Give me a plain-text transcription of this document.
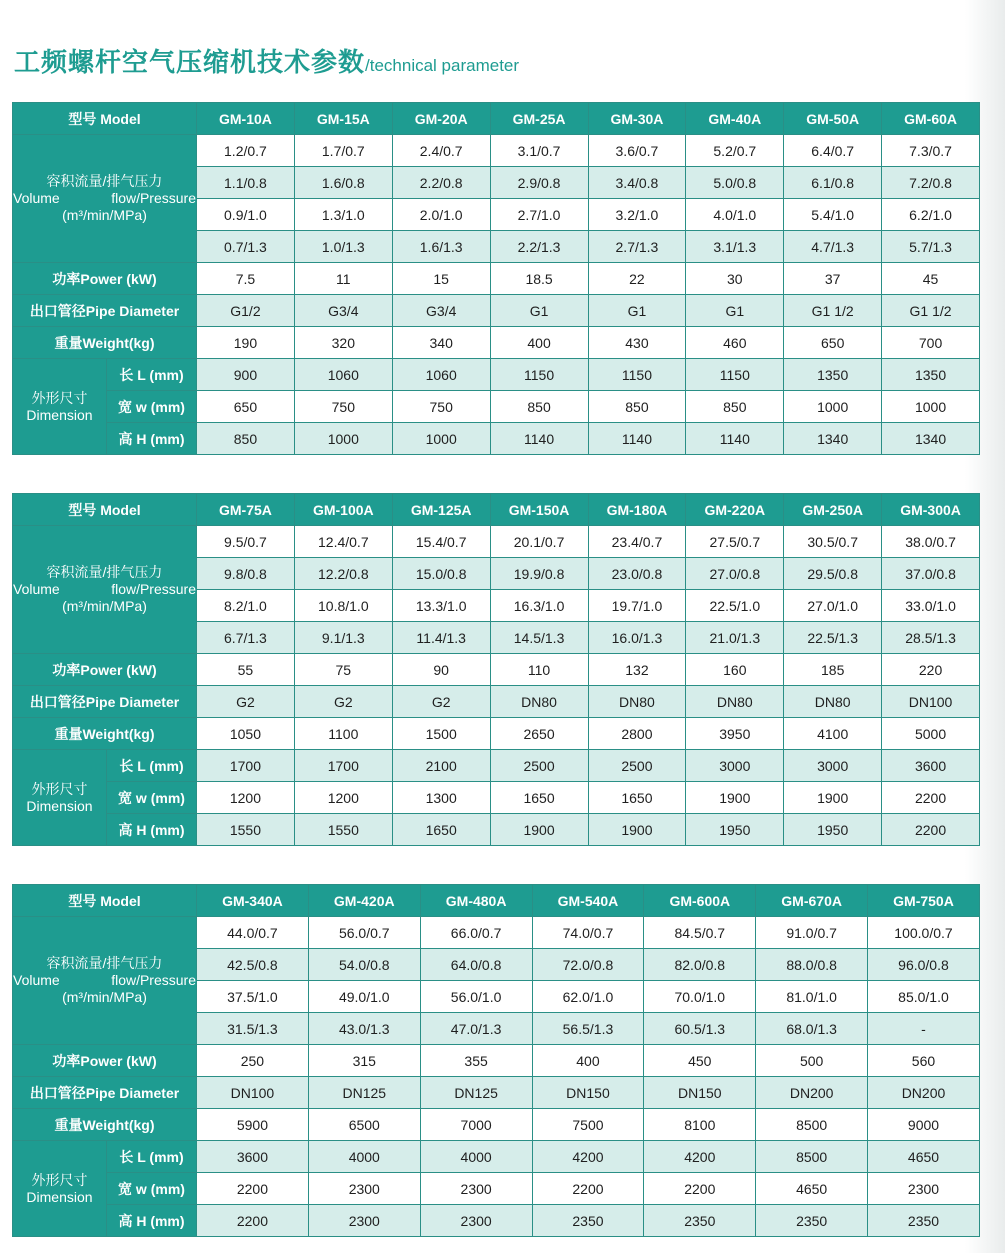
工频螺杆空气压缩机技术参数/technical parameter
型号 Model		GM-10A	GM-15A	GM-20A	GM-25A	GM-30A	GM-40A	GM-50A	GM-60A

容积流量/排气压力
Volume flow/Pressure
(m³/min/MPa)		1.2/0.7	1.7/0.7	2.4/0.7	3.1/0.7	3.6/0.7	5.2/0.7	6.4/0.7	7.3/0.7
		1.1/0.8	1.6/0.8	2.2/0.8	2.9/0.8	3.4/0.8	5.0/0.8	6.1/0.8	7.2/0.8
		0.9/1.0	1.3/1.0	2.0/1.0	2.7/1.0	3.2/1.0	4.0/1.0	5.4/1.0	6.2/1.0
		0.7/1.3	1.0/1.3	1.6/1.3	2.2/1.3	2.7/1.3	3.1/1.3	4.7/1.3	5.7/1.3
功率Power (kW)		7.5	11	15	18.5	22	30	37	45
出口管径Pipe Diameter		G1/2	G3/4	G3/4	G1	G1	G1	G1 1/2	G1 1/2
重量Weight(kg)		190	320	340	400	430	460	650	700

外形尺寸
Dimension	长 L (mm)	900	1060	1060	1150	1150	1150	1350	1350
	宽 w (mm)	650	750	750	850	850	850	1000	1000
	高 H (mm)	850	1000	1000	1140	1140	1140	1340	1340
型号 Model		GM-75A	GM-100A	GM-125A	GM-150A	GM-180A	GM-220A	GM-250A	GM-300A

容积流量/排气压力
Volume flow/Pressure
(m³/min/MPa)		9.5/0.7	12.4/0.7	15.4/0.7	20.1/0.7	23.4/0.7	27.5/0.7	30.5/0.7	38.0/0.7
		9.8/0.8	12.2/0.8	15.0/0.8	19.9/0.8	23.0/0.8	27.0/0.8	29.5/0.8	37.0/0.8
		8.2/1.0	10.8/1.0	13.3/1.0	16.3/1.0	19.7/1.0	22.5/1.0	27.0/1.0	33.0/1.0
		6.7/1.3	9.1/1.3	11.4/1.3	14.5/1.3	16.0/1.3	21.0/1.3	22.5/1.3	28.5/1.3
功率Power (kW)		55	75	90	110	132	160	185	220
出口管径Pipe Diameter		G2	G2	G2	DN80	DN80	DN80	DN80	DN100
重量Weight(kg)		1050	1100	1500	2650	2800	3950	4100	5000

外形尺寸
Dimension	长 L (mm)	1700	1700	2100	2500	2500	3000	3000	3600
	宽 w (mm)	1200	1200	1300	1650	1650	1900	1900	2200
	高 H (mm)	1550	1550	1650	1900	1900	1950	1950	2200
型号 Model		GM-340A	GM-420A	GM-480A	GM-540A	GM-600A	GM-670A	GM-750A

容积流量/排气压力
Volume flow/Pressure
(m³/min/MPa)		44.0/0.7	56.0/0.7	66.0/0.7	74.0/0.7	84.5/0.7	91.0/0.7	100.0/0.7
		42.5/0.8	54.0/0.8	64.0/0.8	72.0/0.8	82.0/0.8	88.0/0.8	96.0/0.8
		37.5/1.0	49.0/1.0	56.0/1.0	62.0/1.0	70.0/1.0	81.0/1.0	85.0/1.0
		31.5/1.3	43.0/1.3	47.0/1.3	56.5/1.3	60.5/1.3	68.0/1.3	-
功率Power (kW)		250	315	355	400	450	500	560
出口管径Pipe Diameter		DN100	DN125	DN125	DN150	DN150	DN200	DN200
重量Weight(kg)		5900	6500	7000	7500	8100	8500	9000

外形尺寸
Dimension	长 L (mm)	3600	4000	4000	4200	4200	8500	4650
	宽 w (mm)	2200	2300	2300	2200	2200	4650	2300
	高 H (mm)	2200	2300	2300	2350	2350	2350	2350
